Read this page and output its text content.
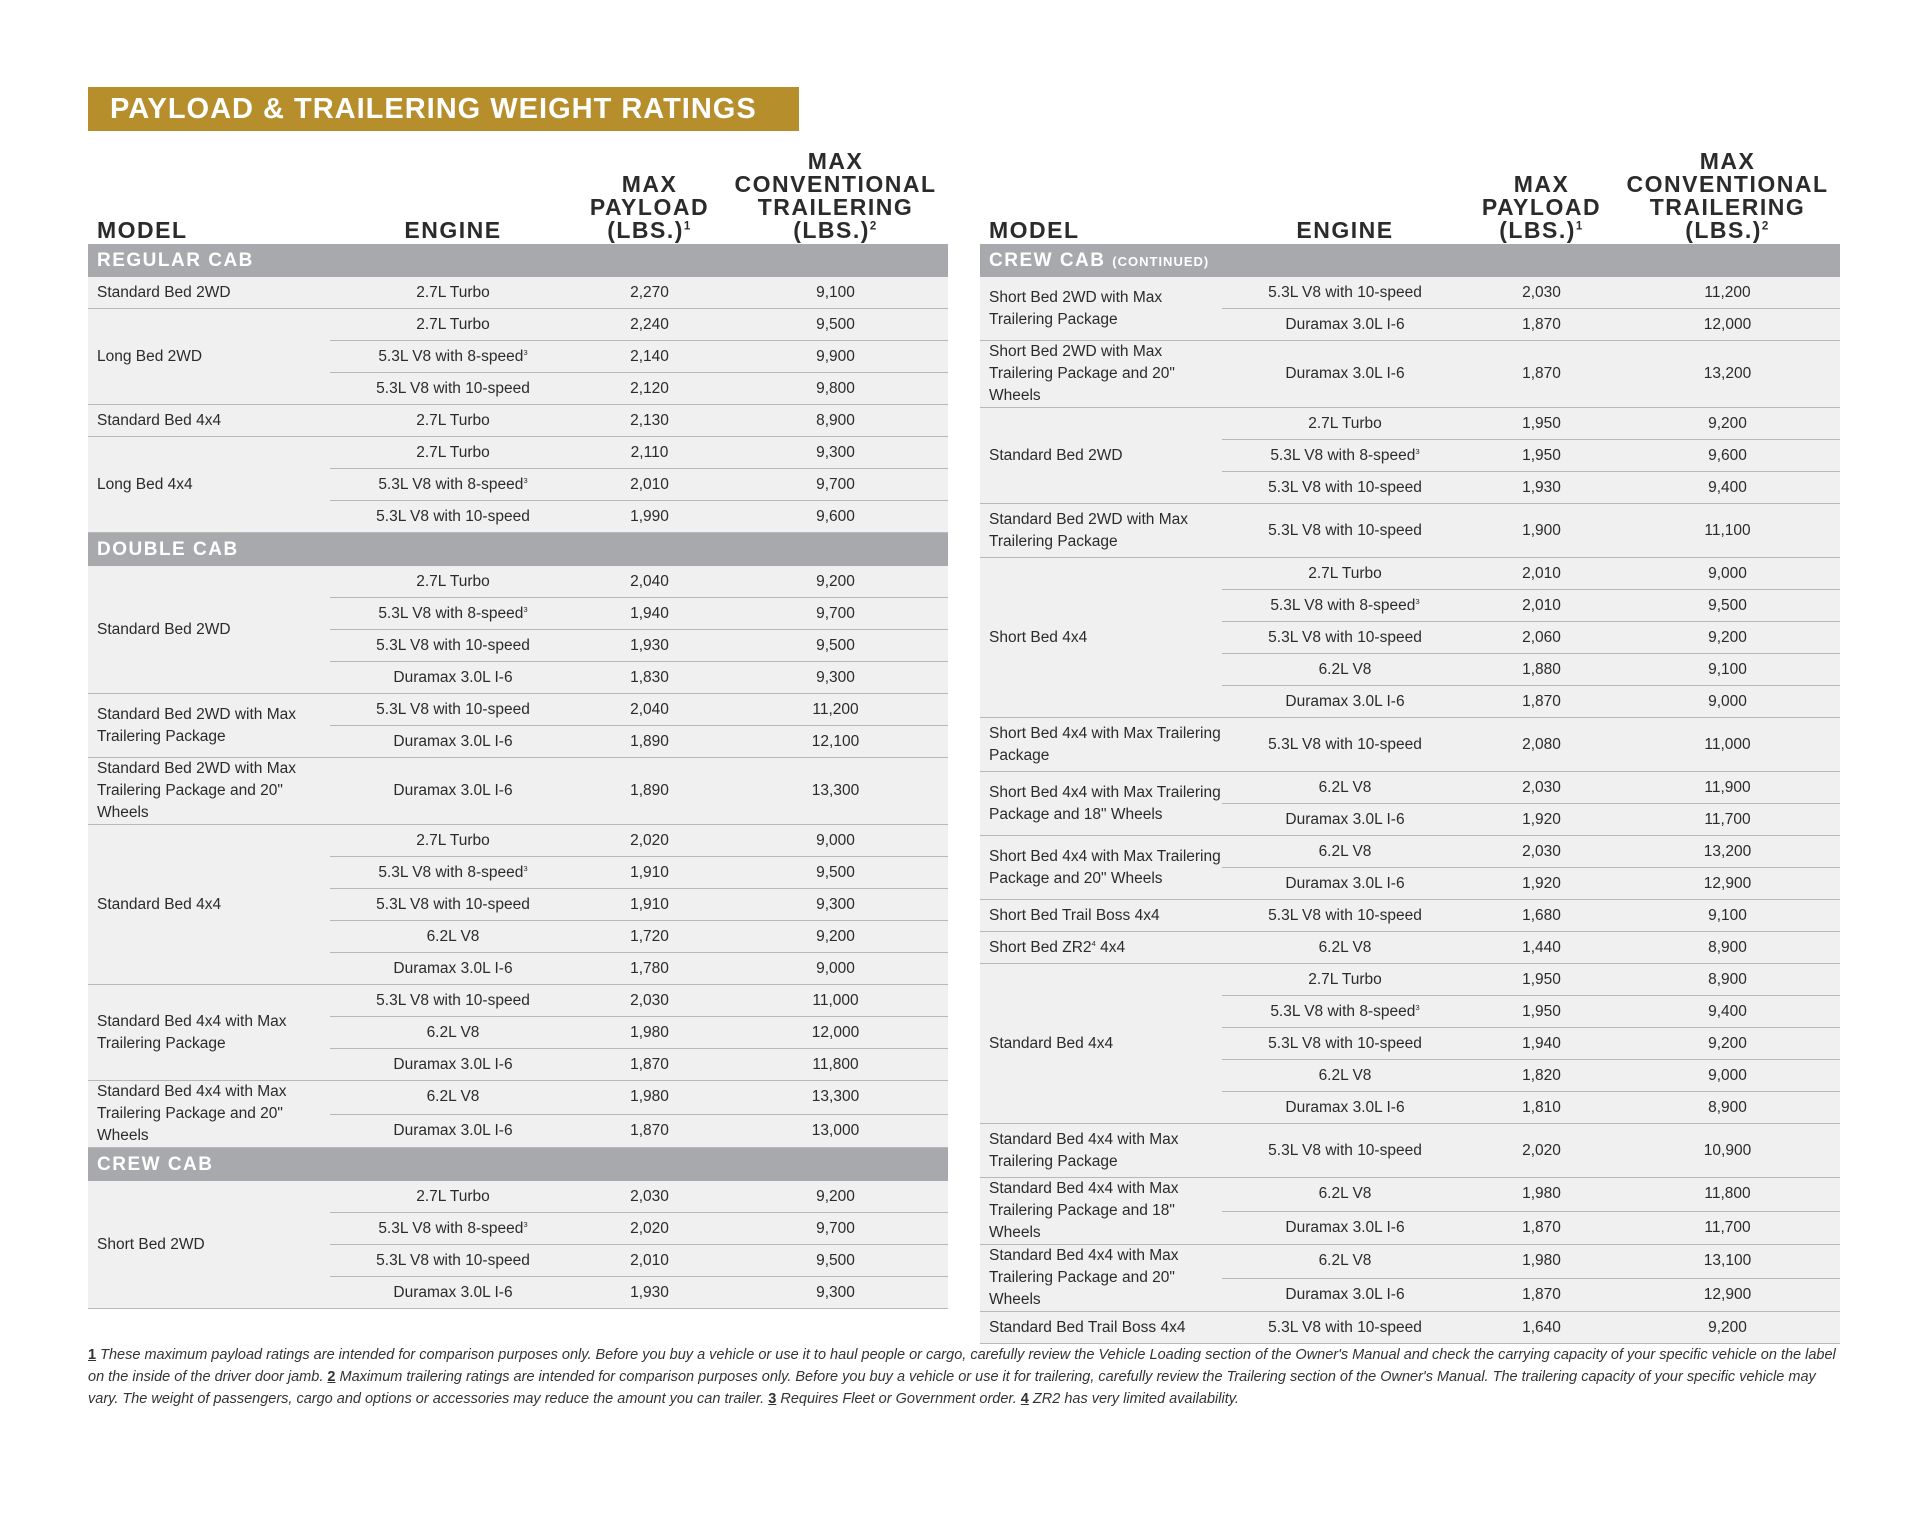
PAYLOAD & TRAILERING WEIGHT RATINGS
MODEL	ENGINE	MAX
PAYLOAD
$(LBS.)^1$	MAX
CONVENTIONAL
TRAILERING $(LBS.)^2$
REGULAR CAB			
Standard Bed 2WD	2.7L Turbo	2,270	9,100
Long Bed 2WD	2.7L Turbo	2,240	9,500
	5.3L V8 with 8-speed$^3$	2,140	9,900
	5.3L V8 with 10-speed	2,120	9,800
Standard Bed 4x4	2.7L Turbo	2,130	8,900
Long Bed 4x4	2.7L Turbo	2,110	9,300
	5.3L V8 with 8-speed$^3$	2,010	9,700
	5.3L V8 with 10-speed	1,990	9,600
DOUBLE CAB			
Standard Bed 2WD	2.7L Turbo	2,040	9,200
	5.3L V8 with 8-speed$^3$	1,940	9,700
	5.3L V8 with 10-speed	1,930	9,500
	Duramax 3.0L I-6	1,830	9,300
Standard Bed 2WD with Max Trailering Package	5.3L V8 with 10-speed	2,040	11,200
	Duramax 3.0L I-6	1,890	12,100
Standard Bed 2WD with Max Trailering Package and 20" Wheels	Duramax 3.0L I-6	1,890	13,300
Standard Bed 4x4	2.7L Turbo	2,020	9,000
	5.3L V8 with 8-speed$^3$	1,910	9,500
	5.3L V8 with 10-speed	1,910	9,300
	6.2L V8	1,720	9,200
	Duramax 3.0L I-6	1,780	9,000
Standard Bed 4x4 with Max Trailering Package	5.3L V8 with 10-speed	2,030	11,000
	6.2L V8	1,980	12,000
	Duramax 3.0L I-6	1,870	11,800
Standard Bed 4x4 with Max Trailering Package and 20" Wheels	6.2L V8	1,980	13,300
	Duramax 3.0L I-6	1,870	13,000
CREW CAB			
Short Bed 2WD	2.7L Turbo	2,030	9,200
	5.3L V8 with 8-speed$^3$	2,020	9,700
	5.3L V8 with 10-speed	2,010	9,500
	Duramax 3.0L I-6	1,930	9,300
MODEL	ENGINE	MAX
PAYLOAD
$(LBS.)^1$	MAX
CONVENTIONAL
TRAILERING $(LBS.)^2$
CREW CAB (CONTINUED)			
Short Bed 2WD with Max Trailering Package	5.3L V8 with 10-speed	2,030	11,200
	Duramax 3.0L I-6	1,870	12,000
Short Bed 2WD with Max Trailering Package and 20" Wheels	Duramax 3.0L I-6	1,870	13,200
Standard Bed 2WD	2.7L Turbo	1,950	9,200
	5.3L V8 with 8-speed$^3$	1,950	9,600
	5.3L V8 with 10-speed	1,930	9,400
Standard Bed 2WD with Max Trailering Package	5.3L V8 with 10-speed	1,900	11,100
Short Bed 4x4	2.7L Turbo	2,010	9,000
	5.3L V8 with 8-speed$^3$	2,010	9,500
	5.3L V8 with 10-speed	2,060	9,200
	6.2L V8	1,880	9,100
	Duramax 3.0L I-6	1,870	9,000
Short Bed 4x4 with Max Trailering Package	5.3L V8 with 10-speed	2,080	11,000
Short Bed 4x4 with Max Trailering Package and 18" Wheels	6.2L V8	2,030	11,900
	Duramax 3.0L I-6	1,920	11,700
Short Bed 4x4 with Max Trailering Package and 20" Wheels	6.2L V8	2,030	13,200
	Duramax 3.0L I-6	1,920	12,900
Short Bed Trail Boss 4x4	5.3L V8 with 10-speed	1,680	9,100
Short Bed $ZR2^4$ 4x4	6.2L V8	1,440	8,900
Standard Bed 4x4	2.7L Turbo	1,950	8,900
	5.3L V8 with 8-speed$^3$	1,950	9,400
	5.3L V8 with 10-speed	1,940	9,200
	6.2L V8	1,820	9,000
	Duramax 3.0L I-6	1,810	8,900
Standard Bed 4x4 with Max Trailering Package	5.3L V8 with 10-speed	2,020	10,900
Standard Bed 4x4 with Max Trailering Package and 18" Wheels	6.2L V8	1,980	11,800
	Duramax 3.0L I-6	1,870	11,700
Standard Bed 4x4 with Max Trailering Package and 20" Wheels	6.2L V8	1,980	13,100
	Duramax 3.0L I-6	1,870	12,900
Standard Bed Trail Boss 4x4	5.3L V8 with 10-speed	1,640	9,200
1 These maximum payload ratings are intended for comparison purposes only. Before you buy a vehicle or use it to haul people or cargo, carefully review the Vehicle Loading section of the Owner's Manual and check the carrying capacity of your specific vehicle on the label on the inside of the driver door jamb. 2 Maximum trailering ratings are intended for comparison purposes only. Before you buy a vehicle or use it for trailering, carefully review the Trailering section of the Owner's Manual. The trailering capacity of your specific vehicle may vary. The weight of passengers, cargo and options or accessories may reduce the amount you can trailer. 3 Requires Fleet or Government order. 4 ZR2 has very limited availability.
